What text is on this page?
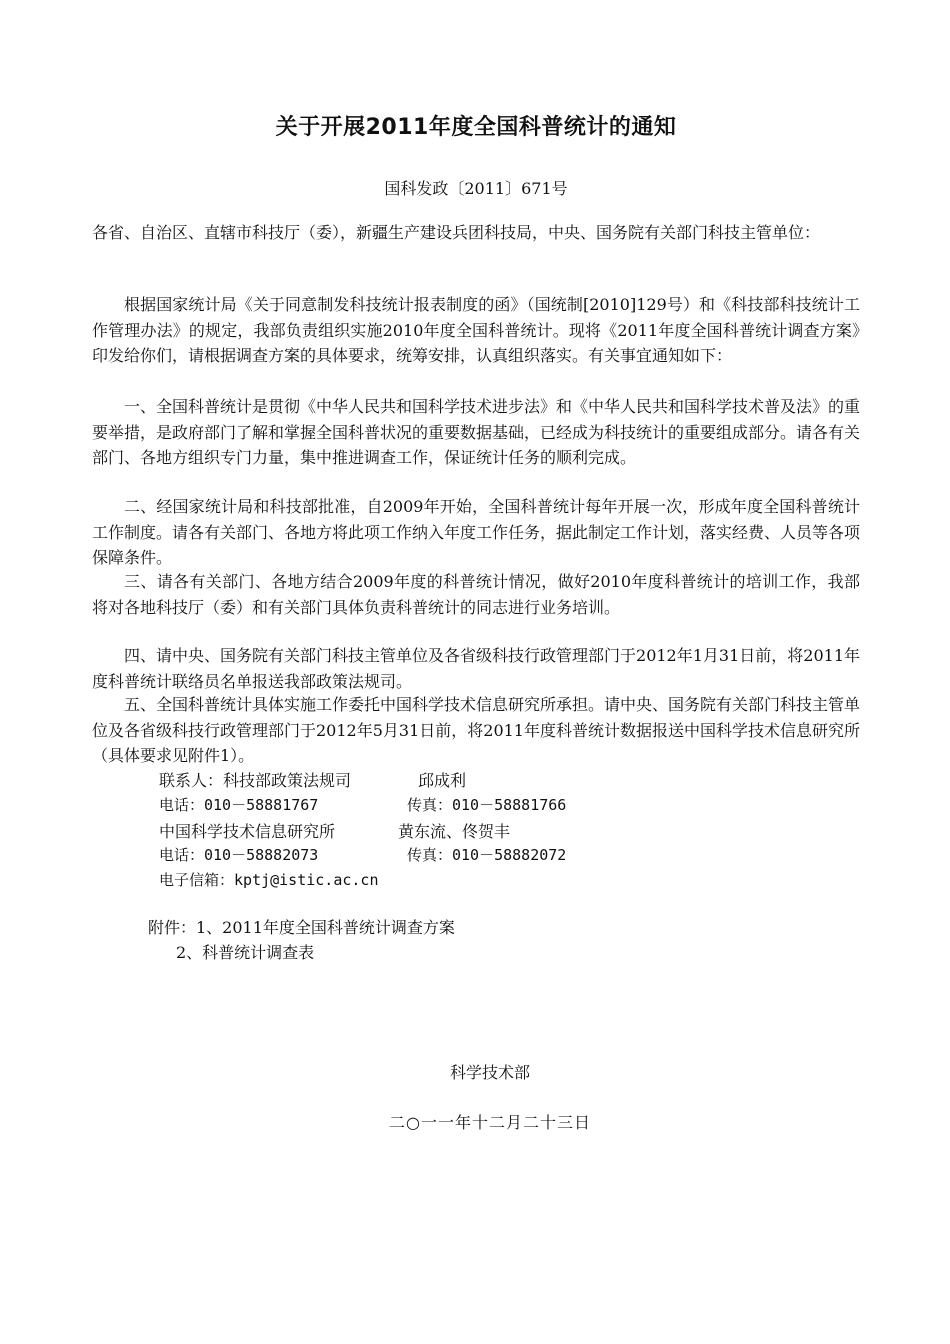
关于开展2011年度全国科普统计的通知
国科发政〔2011〕671号
各省、自治区、直辖市科技厅（委），新疆生产建设兵团科技局，中央、国务院有关部门科技主管单位：
根据国家统计局《关于同意制发科技统计报表制度的函》（国统制[2010]129号）和《科技部科技统计工作管理办法》的规定，我部负责组织实施2010年度全国科普统计。现将《2011年度全国科普统计调查方案》印发给你们，请根据调查方案的具体要求，统筹安排，认真组织落实。有关事宜通知如下：
一、全国科普统计是贯彻《中华人民共和国科学技术进步法》和《中华人民共和国科学技术普及法》的重要举措，是政府部门了解和掌握全国科普状况的重要数据基础，已经成为科技统计的重要组成部分。请各有关部门、各地方组织专门力量，集中推进调查工作，保证统计任务的顺利完成。
二、经国家统计局和科技部批准，自2009年开始，全国科普统计每年开展一次，形成年度全国科普统计工作制度。请各有关部门、各地方将此项工作纳入年度工作任务，据此制定工作计划，落实经费、人员等各项保障条件。
三、请各有关部门、各地方结合2009年度的科普统计情况，做好2010年度科普统计的培训工作，我部将对各地科技厅（委）和有关部门具体负责科普统计的同志进行业务培训。
四、请中央、国务院有关部门科技主管单位及各省级科技行政管理部门于2012年1月31日前，将2011年度科普统计联络员名单报送我部政策法规司。
五、全国科普统计具体实施工作委托中国科学技术信息研究所承担。请中央、国务院有关部门科技主管单位及各省级科技行政管理部门于2012年5月31日前，将2011年度科普统计数据报送中国科学技术信息研究所（具体要求见附件1）。
联系人：科技部政策法规司	邱成利
电话：010－58881767	传真：010－58881766
中国科学技术信息研究所	黄东流、佟贺丰
电话：010－58882073	传真：010－58882072
电子信箱：kptj@istic.ac.cn
附件：1、2011年度全国科普统计调查方案
2、科普统计调查表
科学技术部
二○一一年十二月二十三日
